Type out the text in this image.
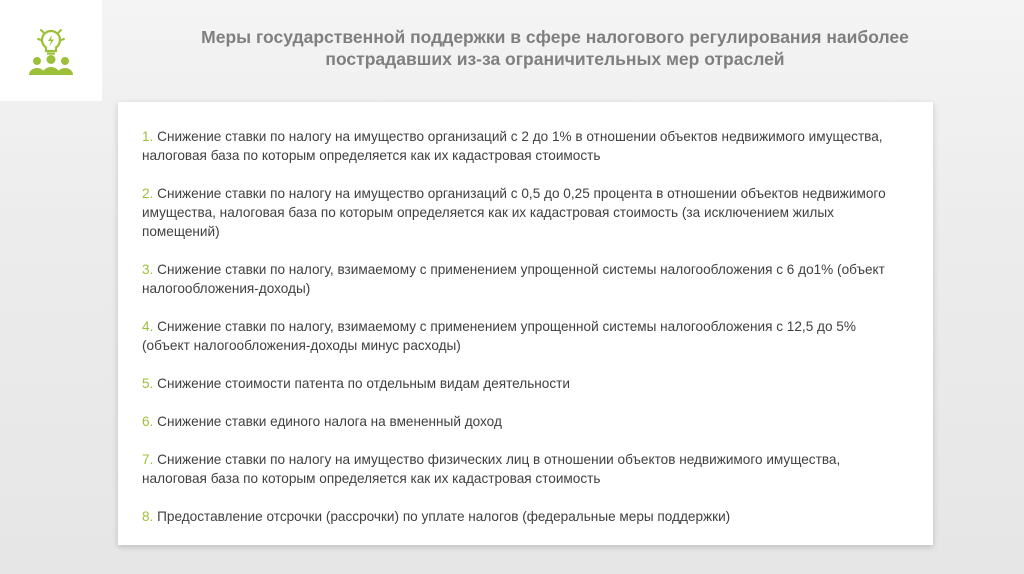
Меры государственной поддержки в сфере налогового регулирования наиболее
пострадавших из-за ограничительных мер отраслей
1. Снижение ставки по налогу на имущество организаций с 2 до 1% в отношении объектов недвижимого имущества, налоговая база по которым определяется как их кадастровая стоимость
2. Снижение ставки по налогу на имущество организаций с 0,5 до 0,25 процента в отношении объектов недвижимого имущества, налоговая база по которым определяется как их кадастровая стоимость (за исключением жилых помещений)
3. Снижение ставки по налогу, взимаемому с применением упрощенной системы налогообложения с 6 до1% (объект налогообложения-доходы)
4. Снижение ставки по налогу, взимаемому с применением упрощенной системы налогообложения с 12,5 до 5% (объект налогообложения-доходы минус расходы)
5. Снижение стоимости патента по отдельным видам деятельности
6. Снижение ставки единого налога на вмененный доход
7. Снижение ставки по налогу на имущество физических лиц в отношении объектов недвижимого имущества, налоговая база по которым определяется как их кадастровая стоимость
8. Предоставление отсрочки (рассрочки) по уплате налогов (федеральные меры поддержки)
